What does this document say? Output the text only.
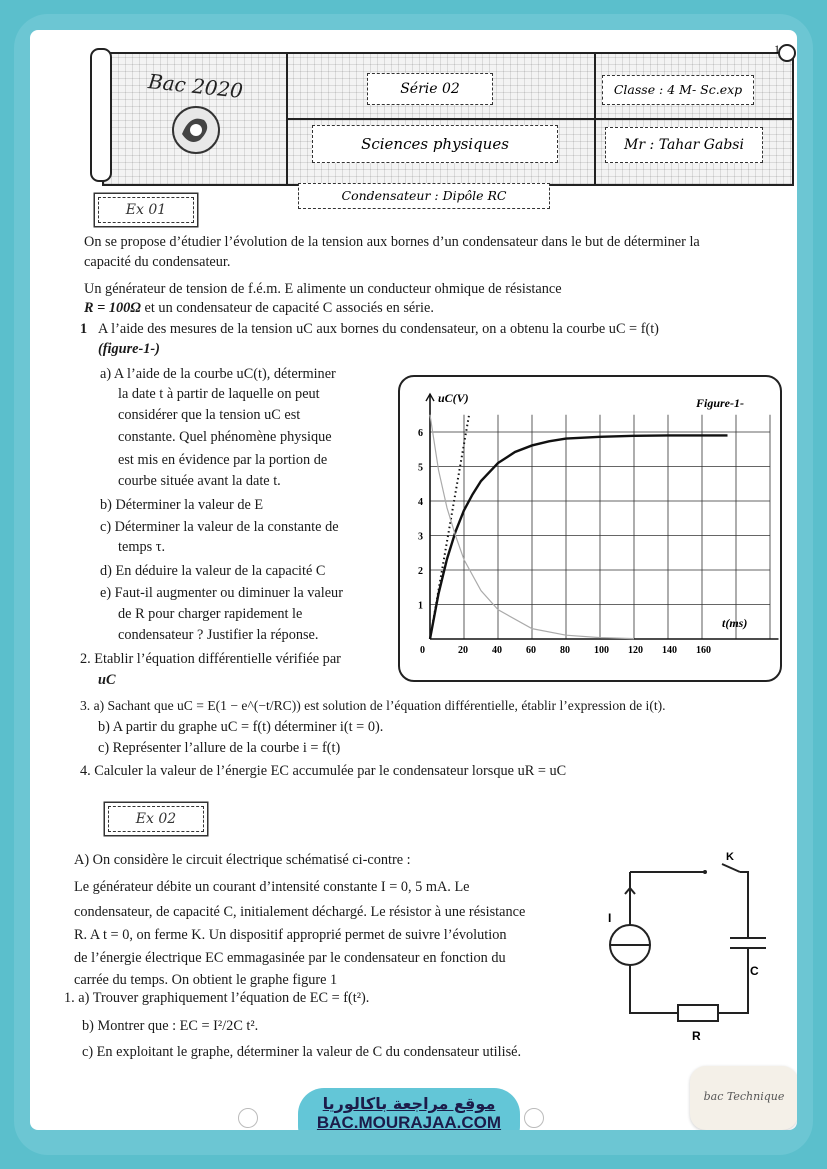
1
Bac 2020	Série 02	Classe : 4 M- Sc.exp
Sciences physiques	Mr : Tahar Gabsi
Condensateur : Dipôle RC
Ex 01
On se propose d’étudier l’évolution de la tension aux bornes d’un condensateur dans le but de déterminer la
capacité du condensateur.
Un générateur de tension de f.é.m. E alimente un conducteur ohmique de résistance
R = 100Ω et un condensateur de capacité C associés en série.
1 A l’aide des mesures de la tension uC aux bornes du condensateur, on a obtenu la courbe uC = f(t)
(figure-1-)
a) A l’aide de la courbe uC(t), déterminer
la date t à partir de laquelle on peut
considérer que la tension uC est
constante. Quel phénomène physique
est mis en évidence par la portion de
courbe située avant la date t.
b) Déterminer la valeur de E
c) Déterminer la valeur de la constante de
temps τ.
d) En déduire la valeur de la capacité C
e) Faut-il augmenter ou diminuer la valeur
de R pour charger rapidement le
condensateur ? Justifier la réponse.
2. Etablir l’équation différentielle vérifiée par
uC
3. a) Sachant que uC = E(1 − e^(−t/RC)) est solution de l’équation différentielle, établir l’expression de i(t).
b) A partir du graphe uC = f(t) déterminer i(t = 0).
c) Représenter l’allure de la courbe i = f(t)
4. Calculer la valeur de l’énergie EC accumulée par le condensateur lorsque uR = uC
0	20 40 60 80 100 120 140 160
1
2
3
4
5
6
uC(V)	Figure-1-
t(ms)
Ex 02
A) On considère le circuit électrique schématisé ci-contre :
Le générateur débite un courant d’intensité constante I = 0, 5 mA. Le
condensateur, de capacité C, initialement déchargé. Le résistor à une résistance
R. A t = 0, on ferme K. Un dispositif approprié permet de suivre l’évolution
de l’énergie électrique EC emmagasinée par le condensateur en fonction du
carrée du temps. On obtient le graphe figure 1
1. a) Trouver graphiquement l’équation de EC = f(t²).
b) Montrer que : EC = I²/2C t².
c) En exploitant le graphe, déterminer la valeur de C du condensateur utilisé.
K
I
C
R
موقع مراجعة باكالوريا
BAC.MOURAJAA.COM
bac Technique
